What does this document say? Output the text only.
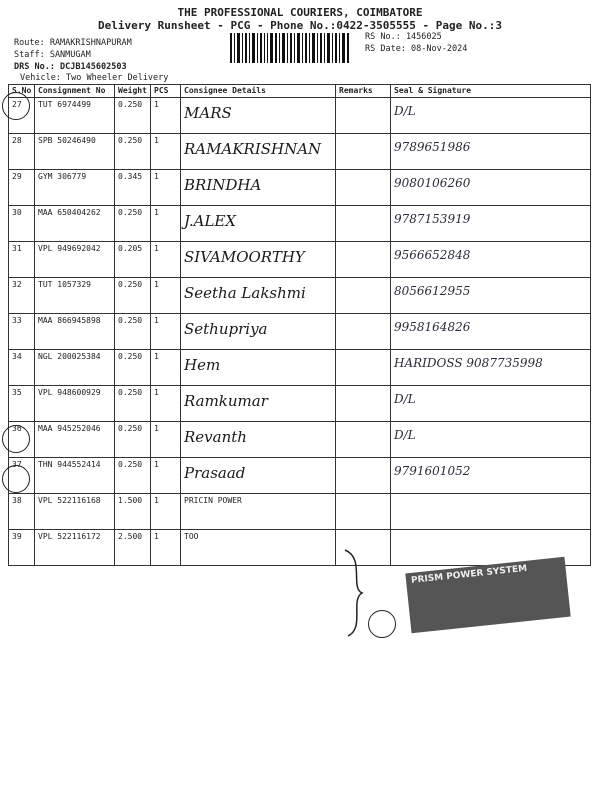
THE PROFESSIONAL COURIERS, COIMBATORE
Delivery Runsheet - PCG - Phone No.:0422-3505555 - Page No.:3
Route: RAMAKRISHNAPURAM
Staff: SANMUGAM
DRS No.: DCJB145602503
Vehicle: Two Wheeler Delivery
RS No.: 1456025
RS Date: 08-Nov-2024
S.No	Consignment No	Weight	PCS	Consignee Details	Remarks	Seal & Signature
27	TUT 6974499	0.250	1	MARS		D/L
28	SPB 50246490	0.250	1	RAMAKRISHNAN		9789651986
29	GYM 306779	0.345	1	BRINDHA		9080106260
30	MAA 650404262	0.250	1	J.ALEX		9787153919
31	VPL 949692042	0.205	1	SIVAMOORTHY		9566652848
32	TUT 1057329	0.250	1	Seetha Lakshmi		8056612955
33	MAA 866945898	0.250	1	Sethupriya		9958164826
34	NGL 200025384	0.250	1	Hem		HARIDOSS 9087735998
35	VPL 948600929	0.250	1	Ramkumar		D/L
36	MAA 945252046	0.250	1	Revanth		D/L
37	THN 944552414	0.250	1	Prasaad		9791601052
38	VPL 522116168	1.500	1	PRICIN POWER		
39	VPL 522116172	2.500	1	TOO		
PRISM POWER SYSTEM
